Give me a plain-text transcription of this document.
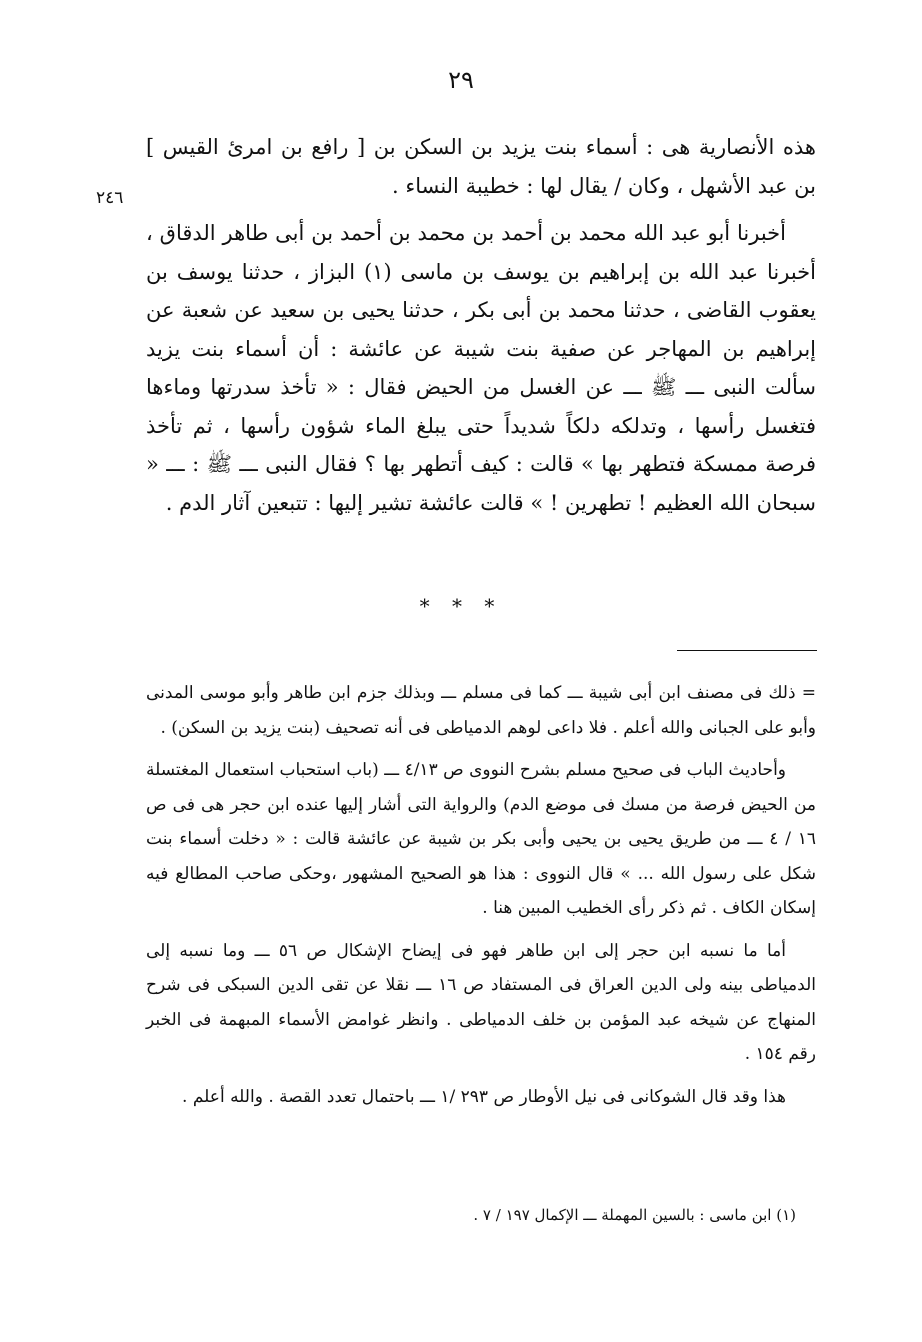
٢٩
٢٤٦

هذه الأنصارية هى : أسماء بنت يزيد بن السكن بن [ رافع بن امرئ القيس ] بن عبد الأشهل ، وكان / يقال لها : خطيبة النساء .

أخبرنا أبو عبد الله محمد بن أحمد بن محمد بن أحمد بن أبى طاهر الدقاق ، أخبرنا عبد الله بن إبراهيم بن يوسف بن ماسى (١) البزاز ، حدثنا يوسف بن يعقوب القاضى ، حدثنا محمد بن أبى بكر ، حدثنا يحيى بن سعيد عن شعبة عن إبراهيم بن المهاجر عن صفية بنت شيبة عن عائشة : أن أسماء بنت يزيد سألت النبى ـــ ﷺ ـــ عن الغسل من الحيض فقال : « تأخذ سدرتها وماءها فتغسل رأسها ، وتدلكه دلكاً شديداً حتى يبلغ الماء شؤون رأسها ، ثم تأخذ فرصة ممسكة فتطهر بها » قالت : كيف أتطهر بها ؟ فقال النبى ـــ ﷺ : ـــ « سبحان الله العظيم ! تطهرين ! » قالت عائشة تشير إليها : تتبعين آثار الدم .

* * *

= ذلك فى مصنف ابن أبى شيبة ـــ كما فى مسلم ـــ وبذلك جزم ابن طاهر وأبو موسى المدنى وأبو على الجبانى والله أعلم . فلا داعى لوهم الدمياطى فى أنه تصحيف (بنت يزيد بن السكن) .

وأحاديث الباب فى صحيح مسلم بشرح النووى ص ٤/١٣ ـــ (باب استحباب استعمال المغتسلة من الحيض فرصة من مسك فى موضع الدم) والرواية التى أشار إليها عنده ابن حجر هى فى ص ١٦ / ٤ ـــ من طريق يحيى بن يحيى وأبى بكر بن شيبة عن عائشة قالت : « دخلت أسماء بنت شكل على رسول الله ... » قال النووى : هذا هو الصحيح المشهور ،وحكى صاحب المطالع فيه إسكان الكاف . ثم ذكر رأى الخطيب المبين هنا .

أما ما نسبه ابن حجر إلى ابن طاهر فهو فى إيضاح الإشكال ص ٥٦ ـــ وما نسبه إلى الدمياطى بينه ولى الدين العراق فى المستفاد ص ١٦ ـــ نقلا عن تقى الدين السبكى فى شرح المنهاج عن شيخه عبد المؤمن بن خلف الدمياطى . وانظر غوامض الأسماء المبهمة فى الخبر رقم ١٥٤ .

هذا وقد قال الشوكانى فى نيل الأوطار ص ٢٩٣ /١ ـــ باحتمال تعدد القصة . والله أعلم .

(١) ابن ماسى : بالسين المهملة ـــ الإكمال ١٩٧ / ٧ .
